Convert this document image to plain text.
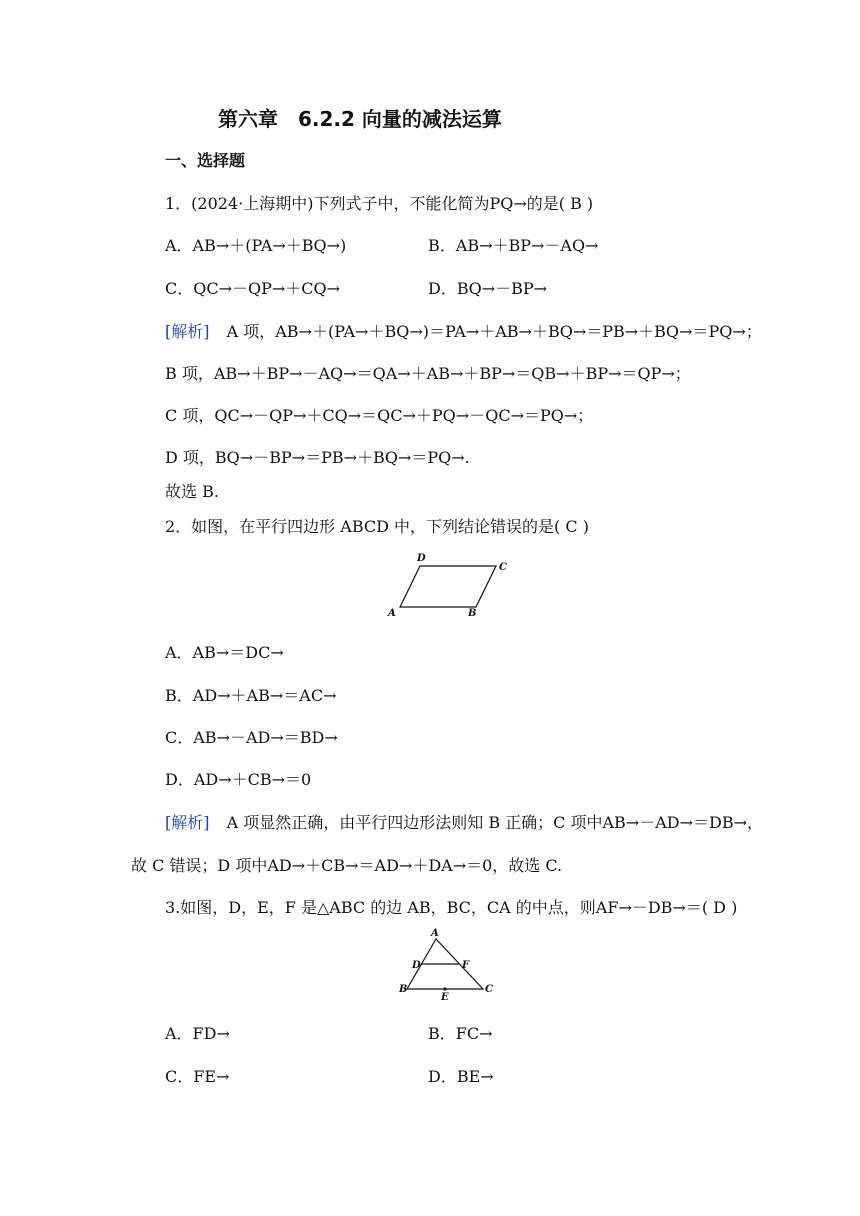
第六章　6.2.2 向量的减法运算
一、选择题
1．(2024·上海期中)下列式子中，不能化简为PQ→的是( B )
A．AB→＋(PA→＋BQ→)	B．AB→＋BP→－AQ→
C．QC→－QP→＋CQ→	D．BQ→－BP→
[解析] A 项，AB→＋(PA→＋BQ→)＝PA→＋AB→＋BQ→＝PB→＋BQ→＝PQ→；
B 项，AB→＋BP→－AQ→＝QA→＋AB→＋BP→＝QB→＋BP→＝QP→；
C 项，QC→－QP→＋CQ→＝QC→＋PQ→－QC→＝PQ→；
D 项，BQ→－BP→＝PB→＋BQ→＝PQ→.
故选 B.
2．如图，在平行四边形 ABCD 中，下列结论错误的是( C )
A	B
C
D
A．AB→＝DC→
B．AD→＋AB→＝AC→
C．AB→－AD→＝BD→
D．AD→＋CB→＝0
[解析] A 项显然正确，由平行四边形法则知 B 正确；C 项中AB→－AD→＝DB→，
故 C 错误；D 项中AD→＋CB→＝AD→＋DA→＝0，故选 C.
3.如图，D，E，F 是△ABC 的边 AB，BC，CA 的中点，则AF→－DB→＝( D )
A
B	C
D
E
F
A．FD→	B．FC→
C．FE→	D．BE→
